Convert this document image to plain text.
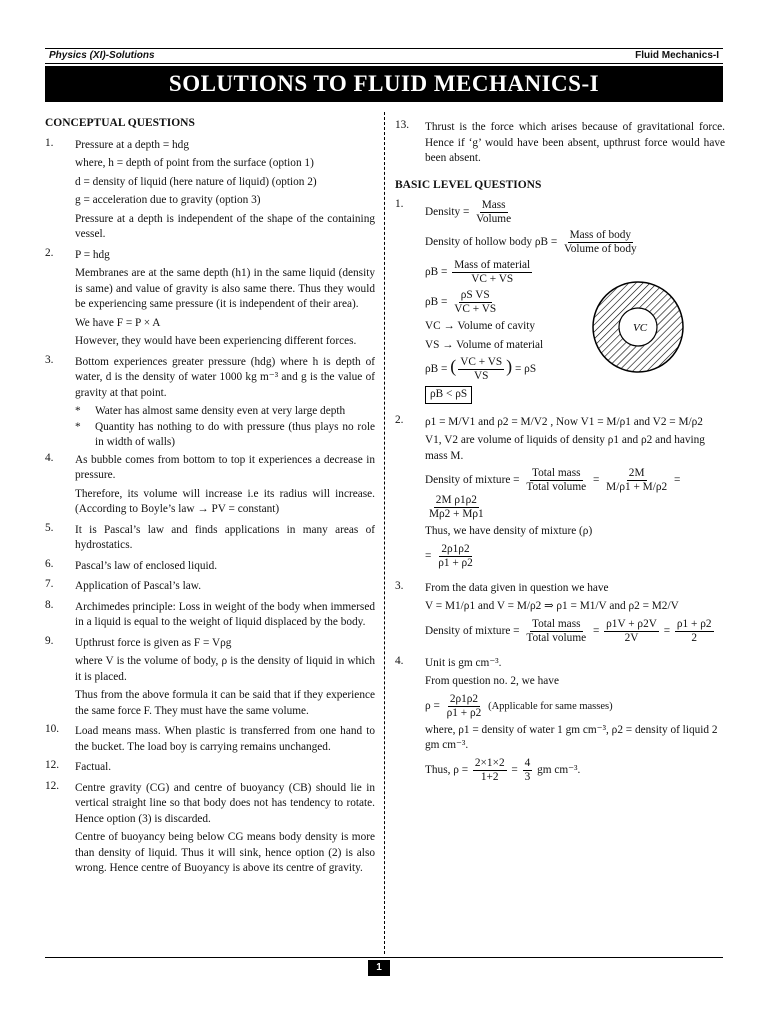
Physics (XI)-Solutions	Fluid Mechanics-I
SOLUTIONS TO FLUID MECHANICS-I
CONCEPTUAL QUESTIONS
1.	Pressure at a depth = hdg
where, h = depth of point from the surface (option 1)
d = density of liquid (here nature of liquid) (option 2)
g = acceleration due to gravity (option 3)
Pressure at a depth is independent of the shape of the containing vessel.
2.	P = hdg
Membranes are at the same depth (h1) in the same liquid (density is same) and value of gravity is also same there. Thus they would be experiencing same pressure (it is independent of their area).
We have F = P × A
However, they would have been experiencing different forces.
3.	Bottom experiences greater pressure (hdg) where h is depth of water, d is the density of water 1000 kg m⁻³ and g is the value of gravity at that point.
*	Water has almost same density even at very large depth
*	Quantity has nothing to do with pressure (thus plays no role in width of walls)
4.	As bubble comes from bottom to top it experiences a decrease in pressure.
Therefore, its volume will increase i.e its radius will increase. (According to Boyle’s law → PV = constant)
5.	It is Pascal’s law and finds applications in many areas of hydrostatics.
6.	Pascal’s law of enclosed liquid.
7.	Application of Pascal’s law.
8.	Archimedes principle: Loss in weight of the body when immersed in a liquid is equal to the weight of liquid displaced by the body.
9.	Upthrust force is given as F = Vρg
where V is the volume of body, ρ is the density of liquid in which it is placed.
Thus from the above formula it can be said that if they experience the same force F. They must have the same volume.
10.	Load means mass. When plastic is transferred from one hand to the bucket. The load boy is carrying remains unchanged.
12.	Factual.
12.	Centre gravity (CG) and centre of buoyancy (CB) should lie in vertical straight line so that body does not has tendency to rotate. Hence option (3) is discarded.
Centre of buoyancy being below CG means body density is more than density of liquid. Thus it will sink, hence option (2) is also wrong. Hence centre of Buoyancy is above its centre of gravity.
13.	Thrust is the force which arises because of gravitational force. Hence if ‘g’ would have been absent, upthrust force would have been absent.
BASIC LEVEL QUESTIONS
1.
Density = $\frac{\text{Mass}}{\text{Volume}}$
Density of hollow body $\rho B = \frac{\text{Mass of body}}{\text{Volume of body}}$
$\rho B = \frac{\text{Mass of material}}{VC + VS}$
$\rho B = \frac{\text{ρS VS}}{VC + VS}$
VC → Volume of cavity
VS → Volume of material
ρB = ( $\frac{VC + VS}{VS}$ ) = ρS
ρB < ρS
VC
2.	ρ1 = M/V1 and ρ2 = M/V2 , Now V1 = M/ρ1 and V2 = M/ρ2
V1, V2 are volume of liquids of density ρ1 and ρ2 and having mass M.
Density of mixture = $\frac{\text{Total mass}}{\text{Total volume}} = \frac{2M}{M/\rho 1 + M/\rho 2}$ =
$\frac{\text{2M ρ1ρ2}}{M\rho 2 + M\rho 1}$
Thus, we have density of mixture (ρ)
= $\frac{2\rho 1\rho 2}{\rho 1 + \rho 2}$
3.	From the data given in question we have
V = M1/ρ1 and V = M/ρ2 ⇒ ρ1 = M1/V and ρ2 = M2/V
Density of mixture = $\frac{\text{Total mass}}{\text{Total volume}} = \frac{\rho 1V + \rho 2V}{2V} = \frac{\rho 1 + \rho 2}{2}$
4.	Unit is gm cm⁻³.
From question no. 2, we have
$\rho = \frac{2\rho 1\rho 2}{\rho 1 + \rho 2}$ (Applicable for same masses)
where, ρ1 = density of water 1 gm cm⁻³, ρ2 = density of liquid 2 gm cm⁻³.
Thus, $\rho = \frac{2\times 1\times 2}{1+2} = \frac{4}{3}$ gm cm⁻³.
1
